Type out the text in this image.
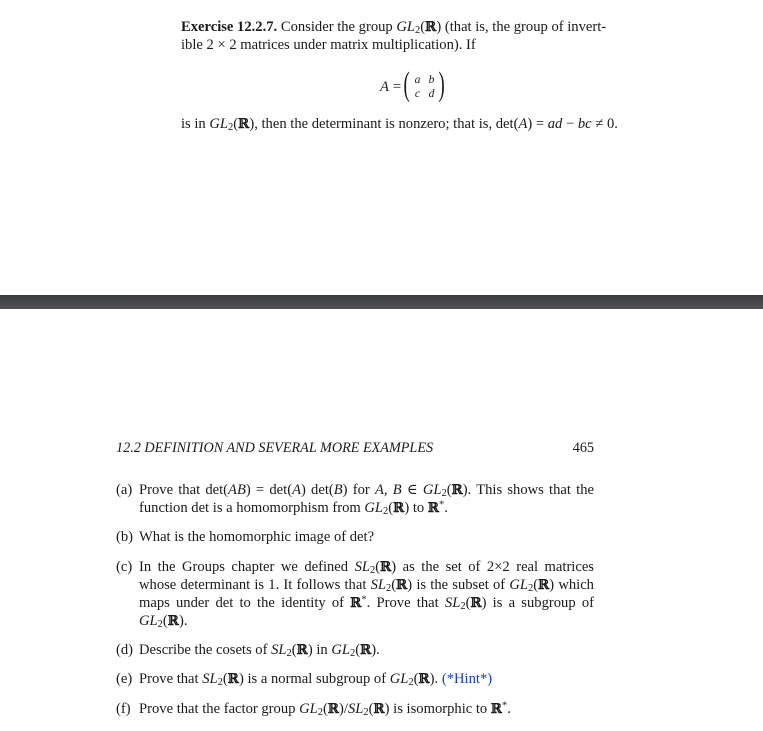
Exercise 12.2.7. Consider the group $GL_2(ℝ)$ (that is, the group of invert-
ible 2 × 2 matrices under matrix multiplication). If
A = ( a b
c d )
is in $GL_2(ℝ)$, then the determinant is nonzero; that is, det(A) = ad − bc ≠ 0.
12.2 DEFINITION AND SEVERAL MORE EXAMPLES	465
(a) Prove that det(AB) = det(A) det(B) for A, B ∈ $GL_2(ℝ)$. This shows that the function det is a homomorphism from $GL_2(ℝ)$ to ℝ*.
(b) What is the homomorphic image of det?
(c) In the Groups chapter we defined $SL_2(ℝ)$ as the set of 2×2 real matrices whose determinant is 1. It follows that $SL_2(ℝ)$ is the subset of $GL_2(ℝ)$ which maps under det to the identity of ℝ*. Prove that $SL_2(ℝ)$ is a subgroup of $GL_2(ℝ)$.
(d) Describe the cosets of $SL_2(ℝ)$ in $GL_2(ℝ)$.
(e) Prove that $SL_2(ℝ)$ is a normal subgroup of $GL_2(ℝ)$. (*Hint*)
(f) Prove that the factor group $GL_2(ℝ)/SL_2(ℝ)$ is isomorphic to ℝ*.
